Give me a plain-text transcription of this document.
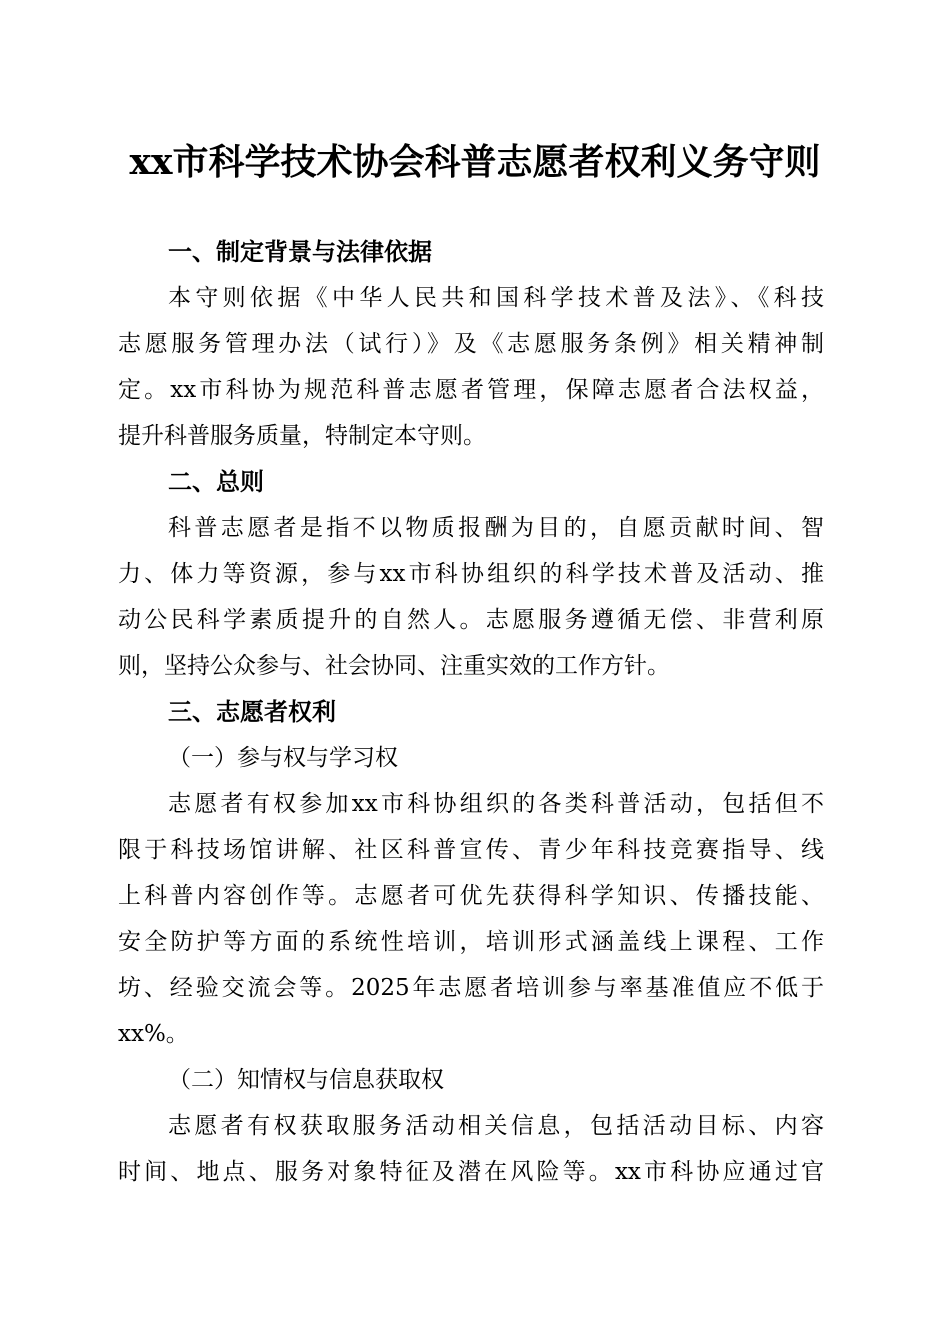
xx市科学技术协会科普志愿者权利义务守则
一、制定背景与法律依据
本守则依据《中华人民共和国科学技术普及法》、《科技
志愿服务管理办法（试行）》及《志愿服务条例》相关精神制
定。xx市科协为规范科普志愿者管理，保障志愿者合法权益，
提升科普服务质量，特制定本守则。
二、总则
科普志愿者是指不以物质报酬为目的，自愿贡献时间、智
力、体力等资源，参与xx市科协组织的科学技术普及活动、推
动公民科学素质提升的自然人。志愿服务遵循无偿、非营利原
则，坚持公众参与、社会协同、注重实效的工作方针。
三、志愿者权利
（一）参与权与学习权
志愿者有权参加xx市科协组织的各类科普活动，包括但不
限于科技场馆讲解、社区科普宣传、青少年科技竞赛指导、线
上科普内容创作等。志愿者可优先获得科学知识、传播技能、
安全防护等方面的系统性培训，培训形式涵盖线上课程、工作
坊、经验交流会等。2025年志愿者培训参与率基准值应不低于
xx%。
（二）知情权与信息获取权
志愿者有权获取服务活动相关信息，包括活动目标、内容
时间、地点、服务对象特征及潜在风险等。xx市科协应通过官
